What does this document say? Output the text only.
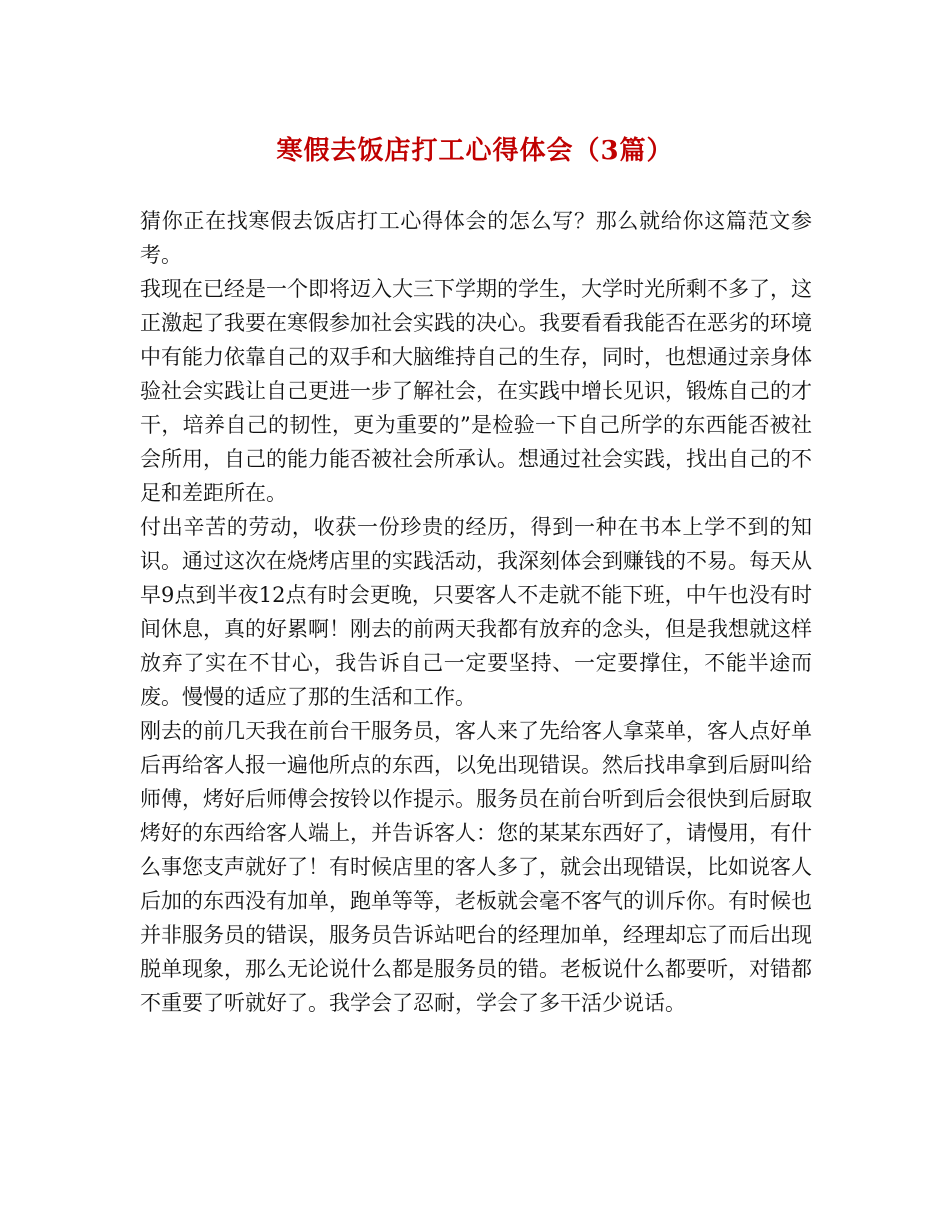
寒假去饭店打工心得体会（3篇）

猜你正在找寒假去饭店打工心得体会的怎么写？那么就给你这篇范文参考。

我现在已经是一个即将迈入大三下学期的学生，大学时光所剩不多了，这正激起了我要在寒假参加社会实践的决心。我要看看我能否在恶劣的环境中有能力依靠自己的双手和大脑维持自己的生存，同时，也想通过亲身体验社会实践让自己更进一步了解社会，在实践中增长见识，锻炼自己的才干，培养自己的韧性，更为重要的”是检验一下自己所学的东西能否被社会所用，自己的能力能否被社会所承认。想通过社会实践，找出自己的不足和差距所在。

付出辛苦的劳动，收获一份珍贵的经历，得到一种在书本上学不到的知识。通过这次在烧烤店里的实践活动，我深刻体会到赚钱的不易。每天从早9点到半夜12点有时会更晚，只要客人不走就不能下班，中午也没有时间休息，真的好累啊！刚去的前两天我都有放弃的念头，但是我想就这样放弃了实在不甘心，我告诉自己一定要坚持、一定要撑住，不能半途而废。慢慢的适应了那的生活和工作。

刚去的前几天我在前台干服务员，客人来了先给客人拿菜单，客人点好单后再给客人报一遍他所点的东西，以免出现错误。然后找串拿到后厨叫给师傅，烤好后师傅会按铃以作提示。服务员在前台听到后会很快到后厨取烤好的东西给客人端上，并告诉客人：您的某某东西好了，请慢用，有什么事您支声就好了！有时候店里的客人多了，就会出现错误，比如说客人后加的东西没有加单，跑单等等，老板就会毫不客气的训斥你。有时候也并非服务员的错误，服务员告诉站吧台的经理加单，经理却忘了而后出现脱单现象，那么无论说什么都是服务员的错。老板说什么都要听，对错都不重要了听就好了。我学会了忍耐，学会了多干活少说话。
